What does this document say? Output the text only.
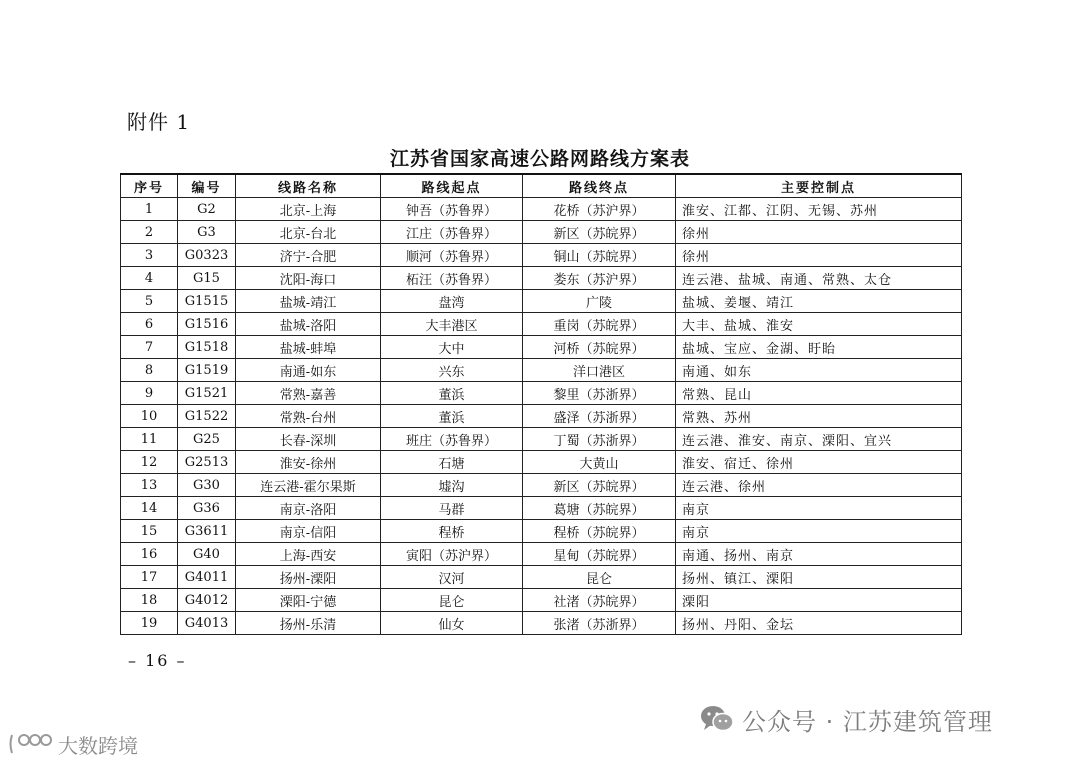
附件 1
江苏省国家高速公路网路线方案表
序号	编号	线路名称	路线起点	路线终点	主要控制点
1	G2	北京-上海	钟吾（苏鲁界）	花桥（苏沪界）	淮安、江都、江阴、无锡、苏州
2	G3	北京-台北	江庄（苏鲁界）	新区（苏皖界）	徐州
3	G0323	济宁-合肥	顺河（苏鲁界）	铜山（苏皖界）	徐州
4	G15	沈阳-海口	柘汪（苏鲁界）	娄东（苏沪界）	连云港、盐城、南通、常熟、太仓
5	G1515	盐城-靖江	盘湾	广陵	盐城、姜堰、靖江
6	G1516	盐城-洛阳	大丰港区	重岗（苏皖界）	大丰、盐城、淮安
7	G1518	盐城-蚌埠	大中	河桥（苏皖界）	盐城、宝应、金湖、盱眙
8	G1519	南通-如东	兴东	洋口港区	南通、如东
9	G1521	常熟-嘉善	董浜	黎里（苏浙界）	常熟、昆山
10	G1522	常熟-台州	董浜	盛泽（苏浙界）	常熟、苏州
11	G25	长春-深圳	班庄（苏鲁界）	丁蜀（苏浙界）	连云港、淮安、南京、溧阳、宜兴
12	G2513	淮安-徐州	石塘	大黄山	淮安、宿迁、徐州
13	G30	连云港-霍尔果斯	墟沟	新区（苏皖界）	连云港、徐州
14	G36	南京-洛阳	马群	葛塘（苏皖界）	南京
15	G3611	南京-信阳	程桥	程桥（苏皖界）	南京
16	G40	上海-西安	寅阳（苏沪界）	星甸（苏皖界）	南通、扬州、南京
17	G4011	扬州-溧阳	汉河	昆仑	扬州、镇江、溧阳
18	G4012	溧阳-宁德	昆仑	社渚（苏皖界）	溧阳
19	G4013	扬州-乐清	仙女	张渚（苏浙界）	扬州、丹阳、金坛
– 16 –
公众号 · 江苏建筑管理
大数跨境
